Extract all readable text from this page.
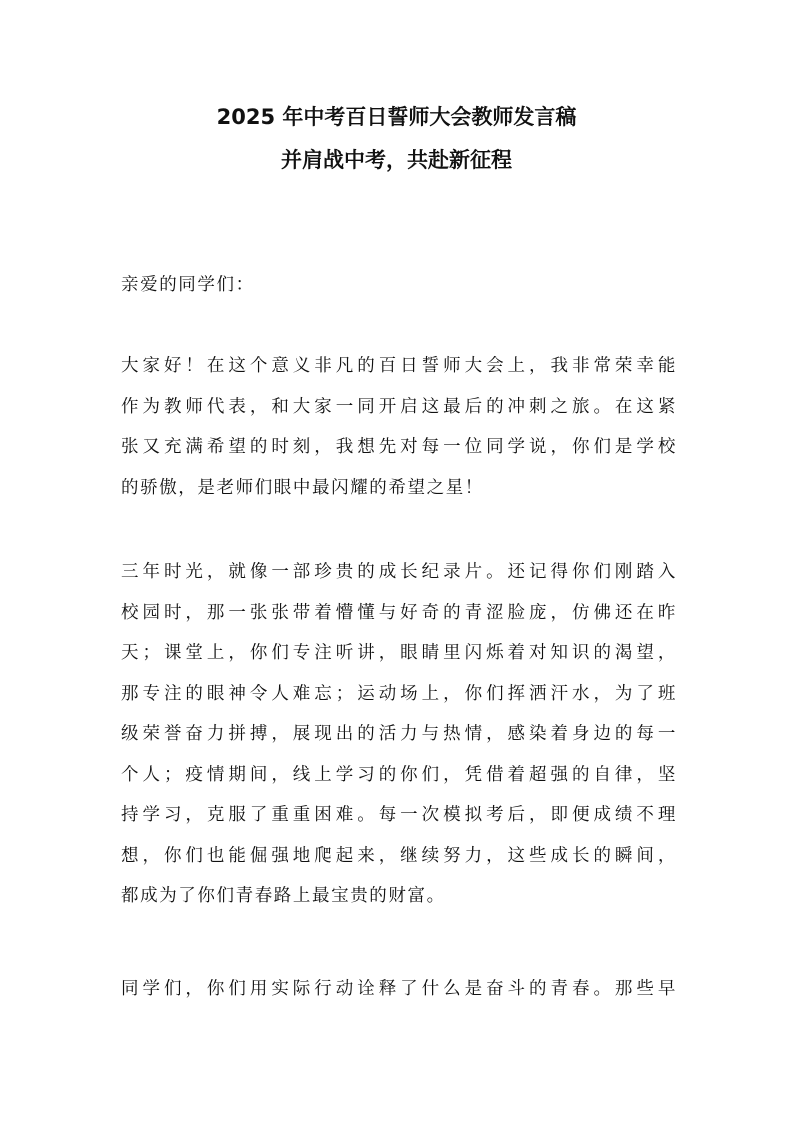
2025 年中考百日誓师大会教师发言稿
并肩战中考，共赴新征程

亲爱的同学们：

大家好！在这个意义非凡的百日誓师大会上，我非常荣幸能
作为教师代表，和大家一同开启这最后的冲刺之旅。在这紧
张又充满希望的时刻，我想先对每一位同学说，你们是学校
的骄傲，是老师们眼中最闪耀的希望之星！

三年时光，就像一部珍贵的成长纪录片。还记得你们刚踏入
校园时，那一张张带着懵懂与好奇的青涩脸庞，仿佛还在昨
天；课堂上，你们专注听讲，眼睛里闪烁着对知识的渴望，
那专注的眼神令人难忘；运动场上，你们挥洒汗水，为了班
级荣誉奋力拼搏，展现出的活力与热情，感染着身边的每一
个人；疫情期间，线上学习的你们，凭借着超强的自律，坚
持学习，克服了重重困难。每一次模拟考后，即便成绩不理
想，你们也能倔强地爬起来，继续努力，这些成长的瞬间，
都成为了你们青春路上最宝贵的财富。

同学们，你们用实际行动诠释了什么是奋斗的青春。那些早
